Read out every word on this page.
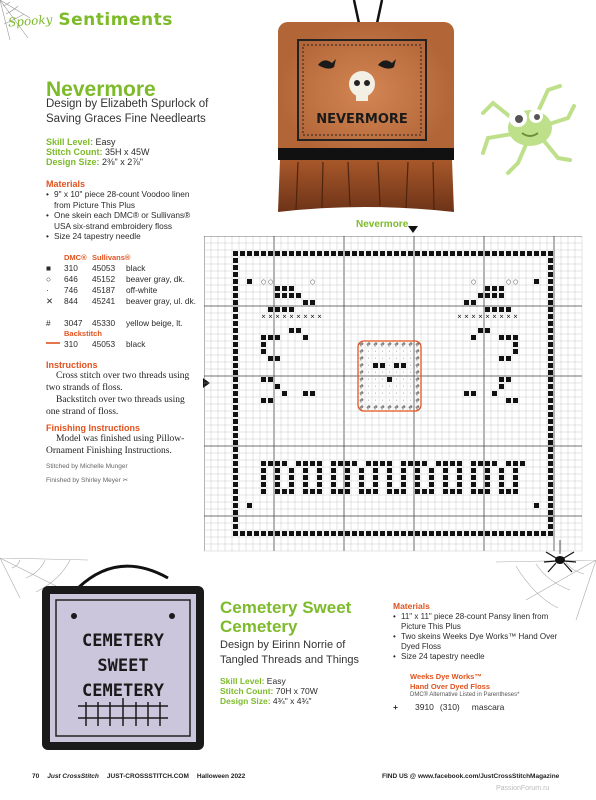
Spooky Sentiments
Nevermore
Design by Elizabeth Spurlock of
Saving Graces Fine Needlearts
Skill Level: Easy
Stitch Count: 35H x 45W
Design Size: 2⅜" x 2⅞"
Materials
• 9" x 10" piece 28-count Voodoo linen from Picture This Plus
• One skein each DMC® or Sullivans® USA six-strand embroidery floss
• Size 24 tapestry needle
DMC® Sullivans®
■	310	45053	black
○	646	45152	beaver gray, dk.
·	746	45187	off-white
✕	844	45241	beaver gray, ul. dk.
#	3047	45330	yellow beige, lt.
Backstitch
310	45053	black
Instructions
Cross stitch over two threads using two strands of floss.
Backstitch over two threads using one strand of floss.
Finishing Instructions
Model was finished using Pillow-Ornament Finishing Instructions.
Stitched by Michelle Munger
Finished by Shirley Meyer ✂
NEVERMORE
Nevermore
✕ ✕ ✕ ✕ ✕ ✕ ✕ ✕ ✕	✕ ✕ ✕ ✕ ✕ ✕ ✕ ✕ ✕
○ ○	○	○	○ ○
# # # # # # # # #
# · · · · · · · #
# · · · · · · · #
# ·	·	· #
# · · · · · · · #
# · · · · · · #
# · · · · · · · #
# · · · · · · · #
# · · · · · · · #
# # # # # # # # #
CEMETERY
SWEET
CEMETERY
Cemetery Sweet
Cemetery
Design by Eirinn Norrie of
Tangled Threads and Things
Skill Level: Easy
Stitch Count: 70H x 70W
Design Size: 4¾" x 4¾"
Materials
• 11" x 11" piece 28-count Pansy linen from Picture This Plus
• Two skeins Weeks Dye Works™ Hand Over Dyed Floss
• Size 24 tapestry needle
Weeks Dye Works™
Hand Over Dyed Floss
DMC® Alternative Listed in Parentheses*
+	3910 (310) mascara
70 Just CrossStitch JUST-CROSSSTITCH.COM Halloween 2022	FIND US @ www.facebook.com/JustCrossStitchMagazine
PassionForum.ru
